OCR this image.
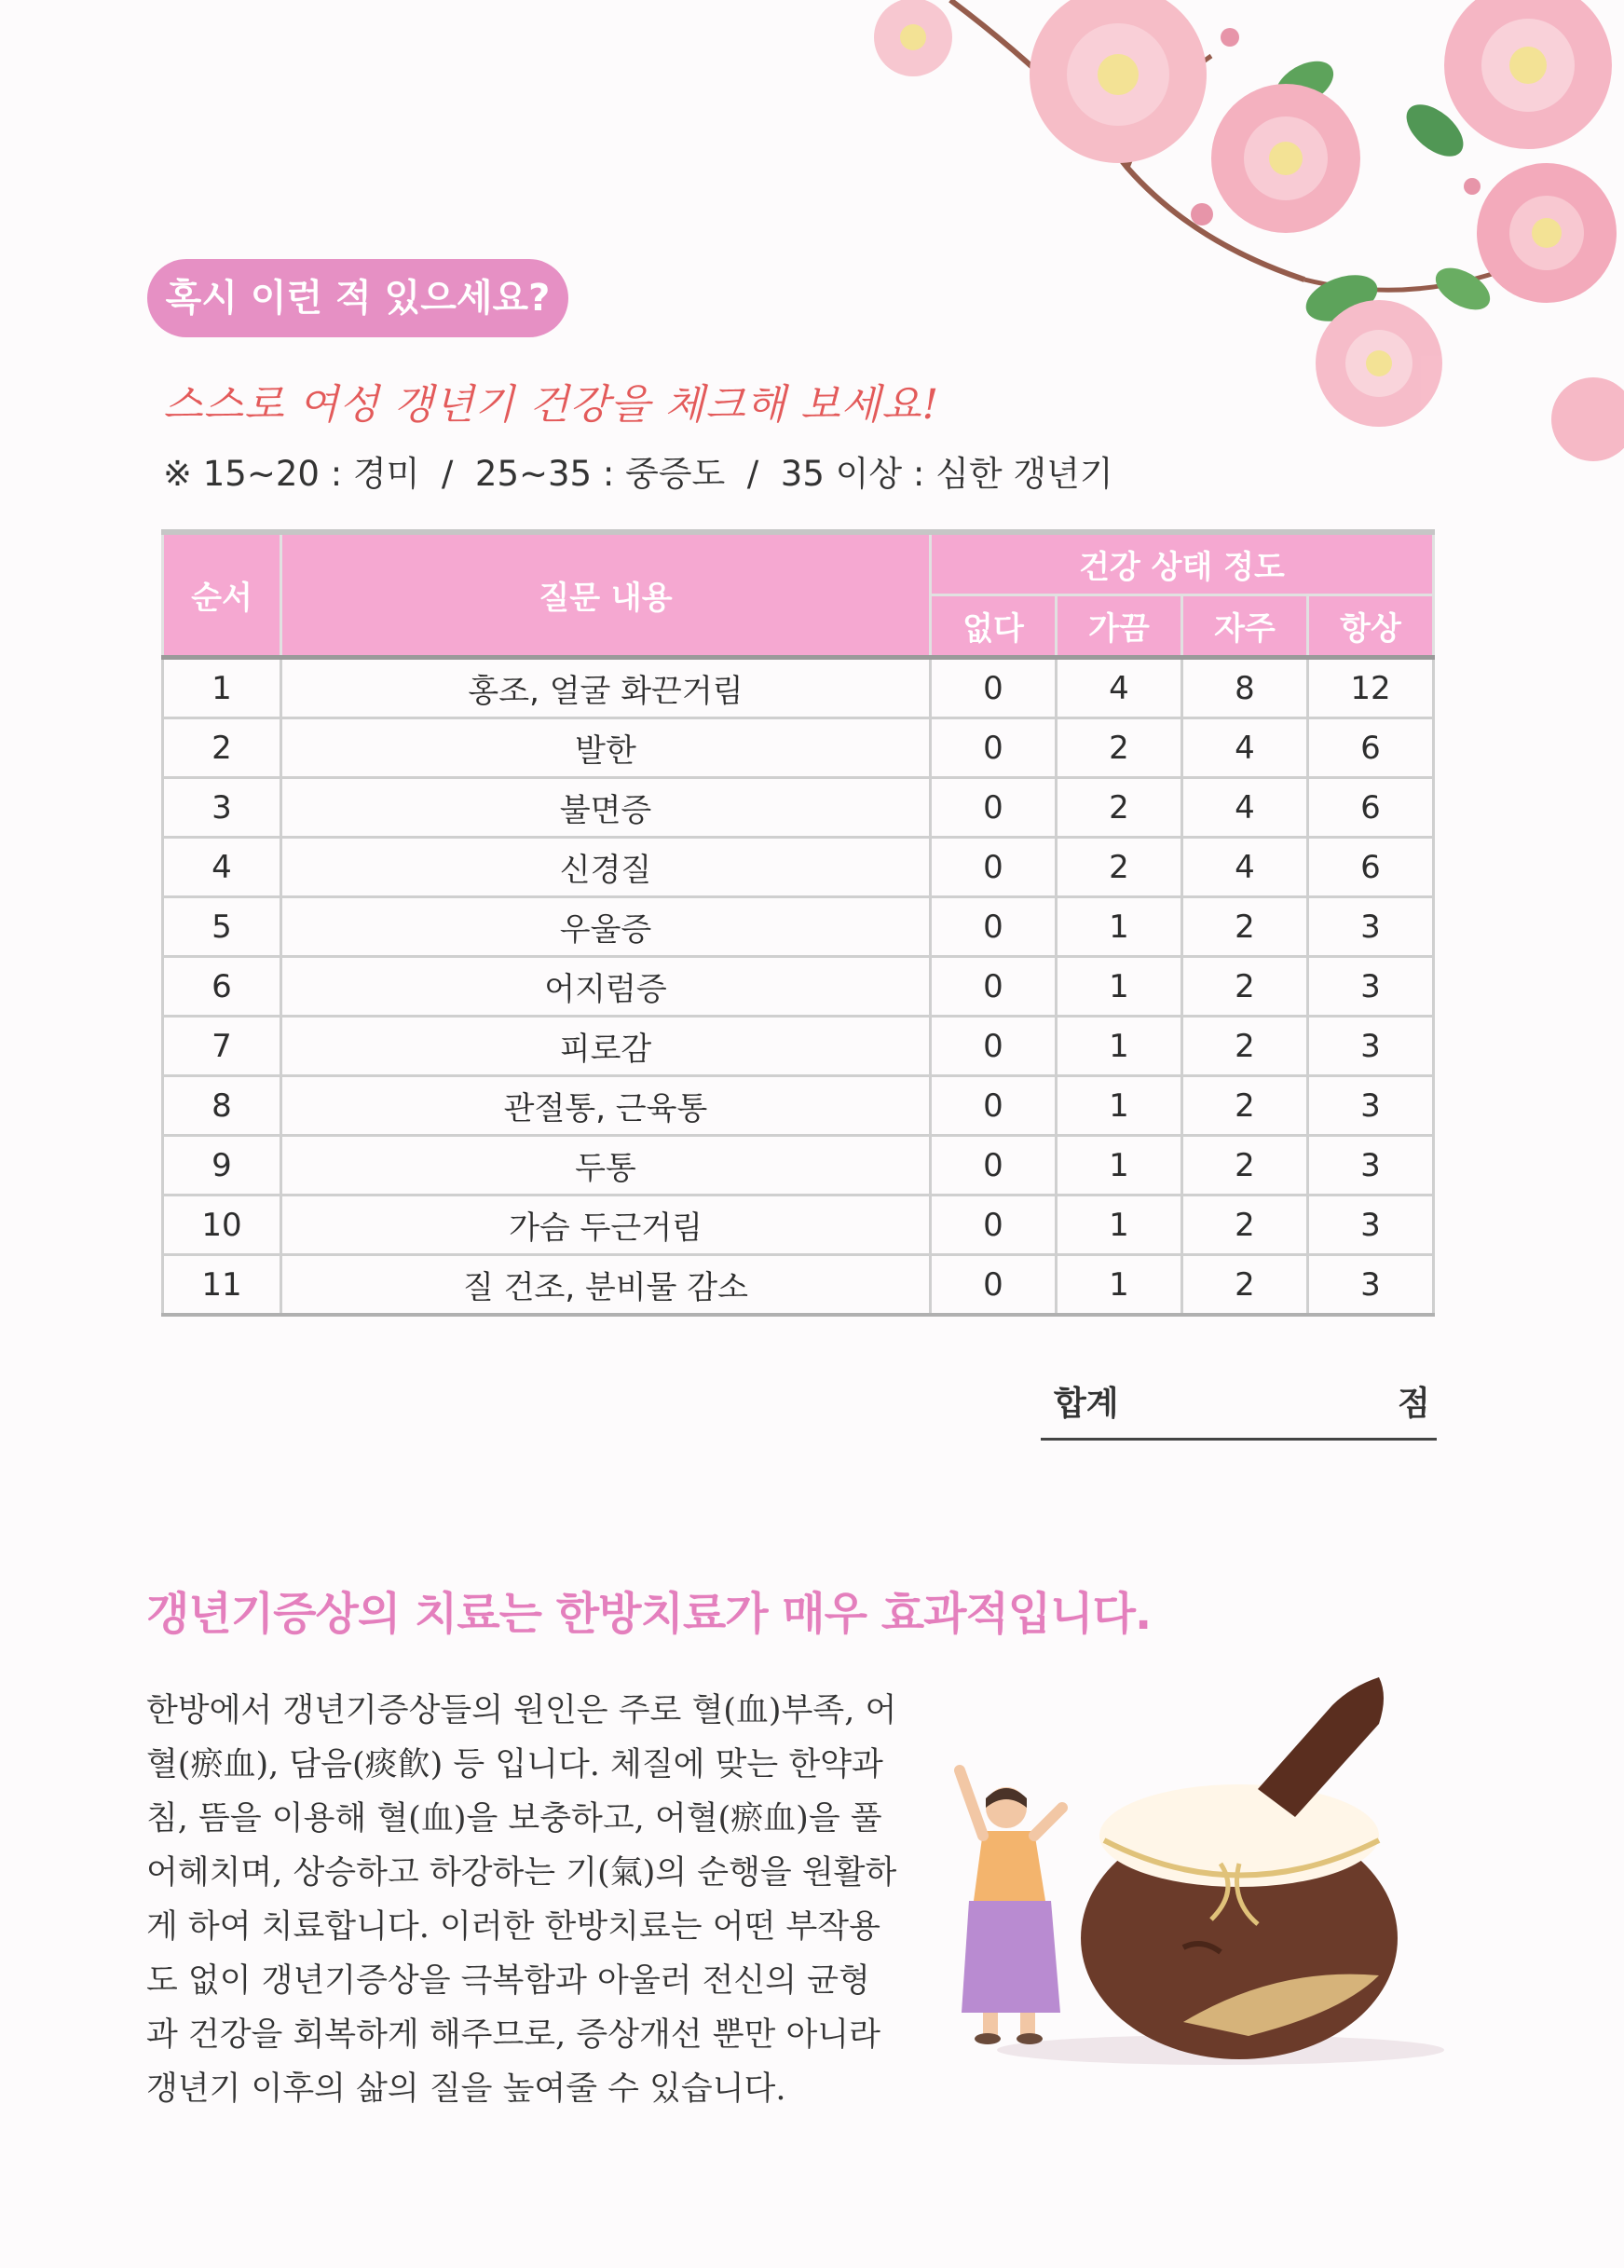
혹시 이런 적 있으세요?
스스로 여성 갱년기 건강을 체크해 보세요!
※ 15~20 : 경미  /  25~35 : 중증도  /  35 이상 : 심한 갱년기
순서	질문 내용	건강 상태 정도			
		없다	가끔	자주	항상
1	홍조, 얼굴 화끈거림	0	4	8	12
2	발한	0	2	4	6
3	불면증	0	2	4	6
4	신경질	0	2	4	6
5	우울증	0	1	2	3
6	어지럼증	0	1	2	3
7	피로감	0	1	2	3
8	관절통, 근육통	0	1	2	3
9	두통	0	1	2	3
10	가슴 두근거림	0	1	2	3
11	질 건조, 분비물 감소	0	1	2	3
합계	점
갱년기증상의 치료는 한방치료가 매우 효과적입니다.
한방에서 갱년기증상들의 원인은 주로 혈(血)부족, 어
혈(瘀血), 담음(痰飮) 등 입니다. 체질에 맞는 한약과
침, 뜸을 이용해 혈(血)을 보충하고, 어혈(瘀血)을 풀
어헤치며, 상승하고 하강하는 기(氣)의 순행을 원활하
게 하여 치료합니다. 이러한 한방치료는 어떤 부작용
도 없이 갱년기증상을 극복함과 아울러 전신의 균형
과 건강을 회복하게 해주므로, 증상개선 뿐만 아니라
갱년기 이후의 삶의 질을 높여줄 수 있습니다.
